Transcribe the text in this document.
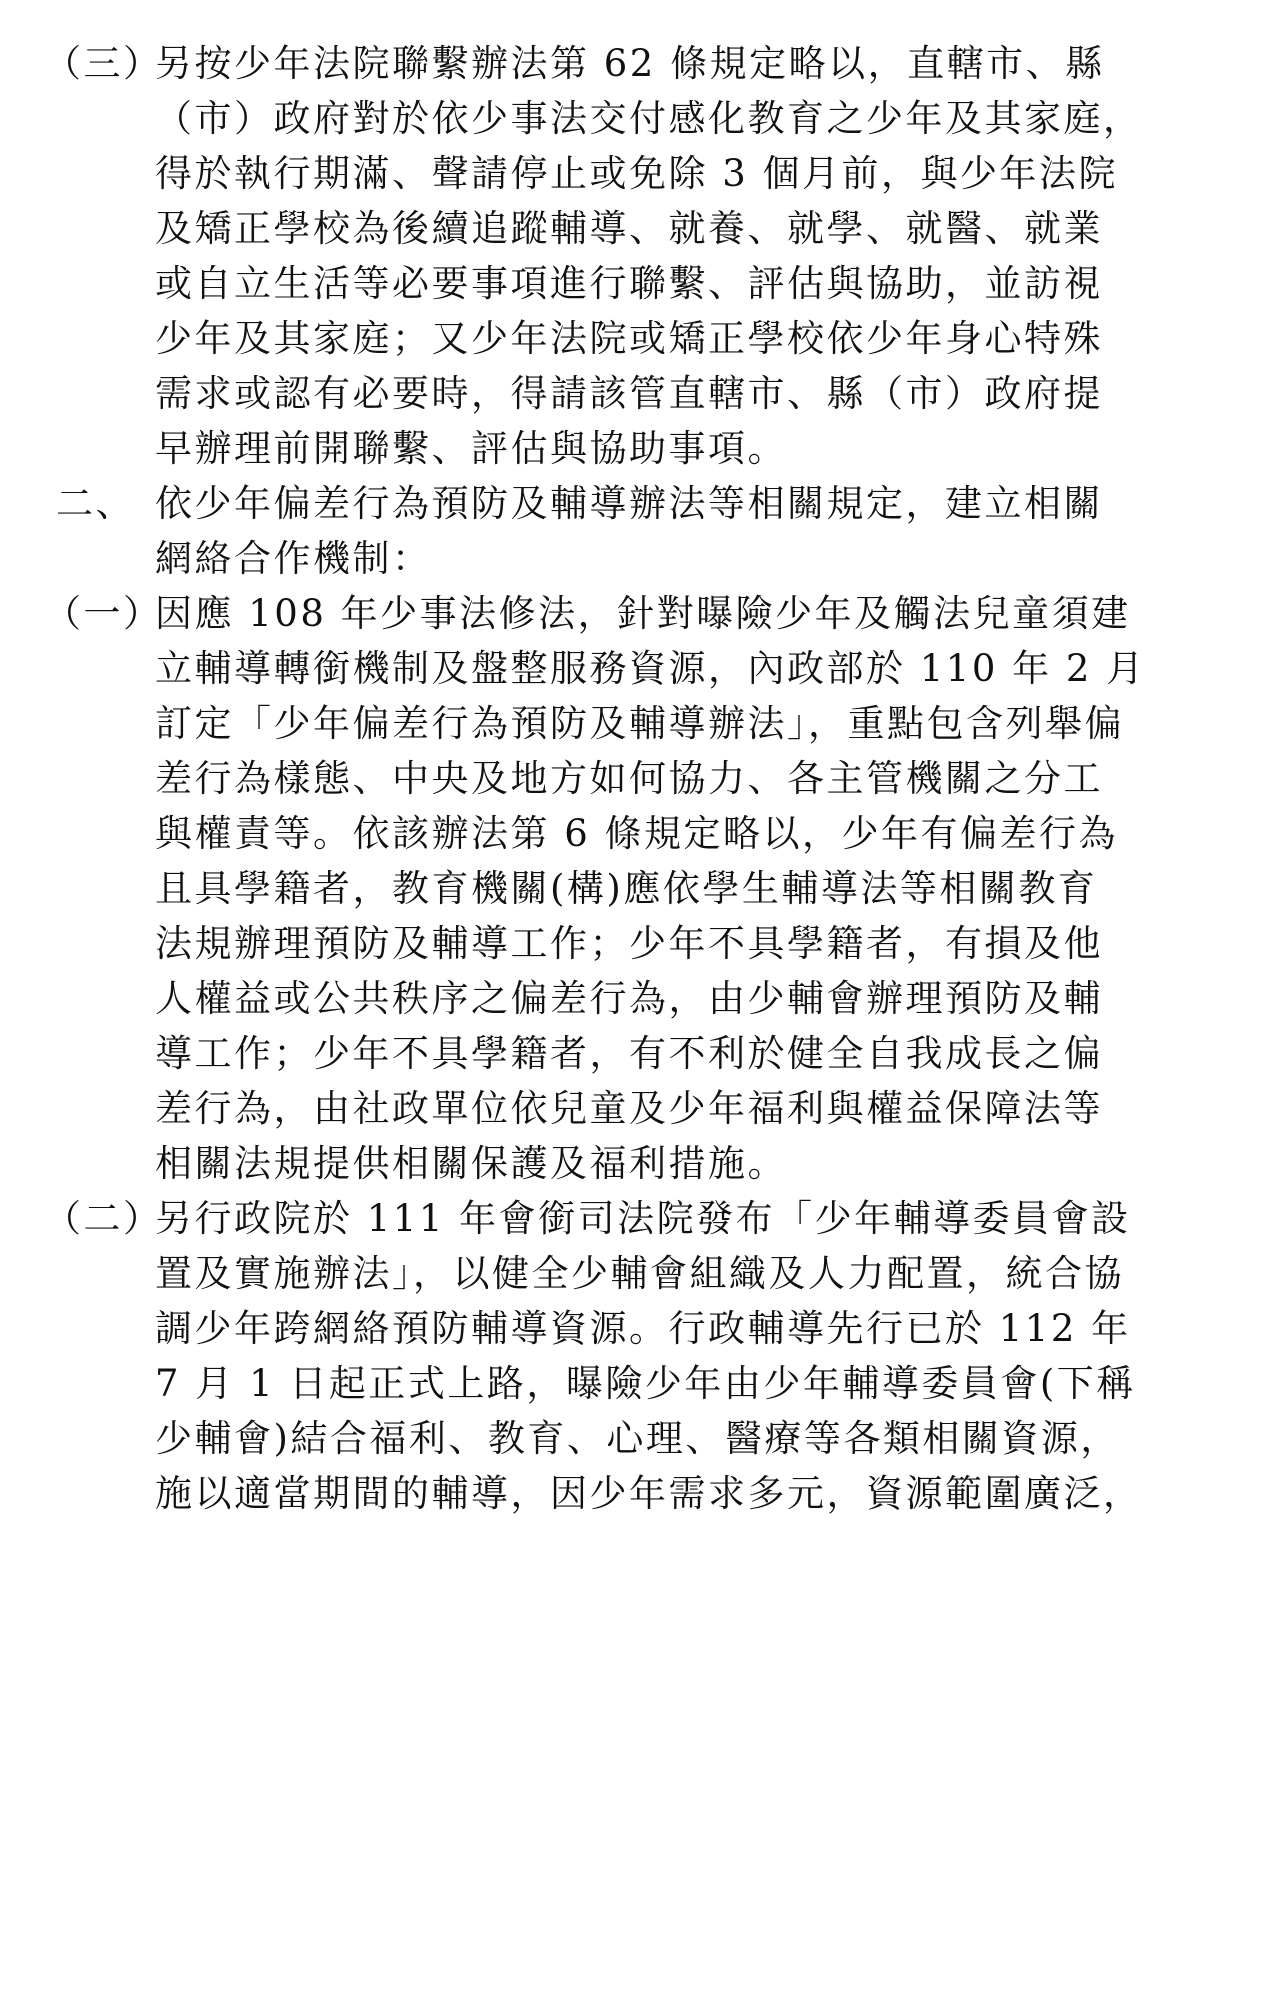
（三）
另按少年法院聯繫辦法第 62 條規定略以，直轄市、縣
（市）政府對於依少事法交付感化教育之少年及其家庭，
得於執行期滿、聲請停止或免除 3 個月前，與少年法院
及矯正學校為後續追蹤輔導、就養、就學、就醫、就業
或自立生活等必要事項進行聯繫、評估與協助，並訪視
少年及其家庭；又少年法院或矯正學校依少年身心特殊
需求或認有必要時，得請該管直轄市、縣（市）政府提
早辦理前開聯繫、評估與協助事項。
二、 依少年偏差行為預防及輔導辦法等相關規定，建立相關
網絡合作機制：
（一）
因應 108 年少事法修法，針對曝險少年及觸法兒童須建
立輔導轉銜機制及盤整服務資源，內政部於 110 年 2 月
訂定「少年偏差行為預防及輔導辦法」，重點包含列舉偏
差行為樣態、中央及地方如何協力、各主管機關之分工
與權責等。依該辦法第 6 條規定略以，少年有偏差行為
且具學籍者，教育機關(構)應依學生輔導法等相關教育
法規辦理預防及輔導工作；少年不具學籍者，有損及他
人權益或公共秩序之偏差行為，由少輔會辦理預防及輔
導工作；少年不具學籍者，有不利於健全自我成長之偏
差行為，由社政單位依兒童及少年福利與權益保障法等
相關法規提供相關保護及福利措施。
（二）
另行政院於 111 年會銜司法院發布「少年輔導委員會設
置及實施辦法」，以健全少輔會組織及人力配置，統合協
調少年跨網絡預防輔導資源。行政輔導先行已於 112 年
7 月 1 日起正式上路，曝險少年由少年輔導委員會(下稱
少輔會)結合福利、教育、心理、醫療等各類相關資源，
施以適當期間的輔導，因少年需求多元，資源範圍廣泛，
